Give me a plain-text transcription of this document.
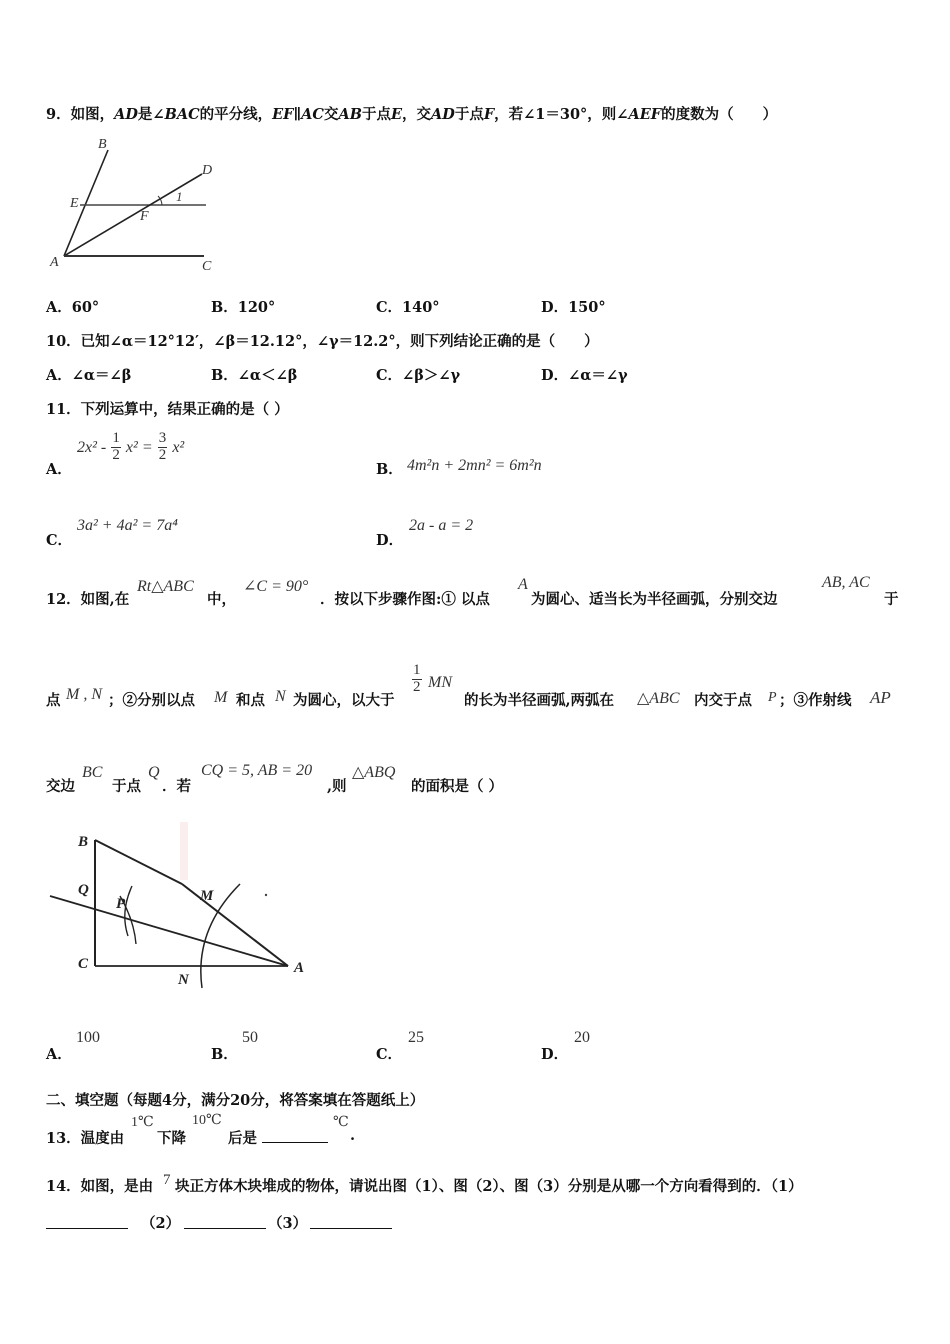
9．如图，AD是∠BAC的平分线，EF∥AC交AB于点E，交AD于点F，若∠1＝30°，则∠AEF的度数为（　　）
B
D
E
F
1
A	C
A．60°	B．120°	C．140°	D．150°
10．已知∠α＝12°12′，∠β＝12.12°，∠γ＝12.2°，则下列结论正确的是（　　）
A．∠α＝∠β	B．∠α＜∠β	C．∠β＞∠γ	D．∠α＝∠γ
11．下列运算中，结果正确的是（ ）
A．
$2x^2 - \frac{1}{2} x^2 = \frac{3}{2} x^2$
B． 4m²n + 2mn² = 6m²n
C．
3a² + 4a² = 7a⁴
D．
2a - a = 2
12．如图,在
Rt△ABC
中，
∠C = 90°
．按以下步骤作图:① 以点
A
为圆心、适当长为半径画弧，分别交边
AB, AC
于
点 M , N ；②分别以点 M 和点 N 为圆心，以大于
$\frac{1}{2}$ MN
的长为半径画弧,两弧在 △ABC 内交于点 P ；③作射线 AP
交边
BC
于点
Q
．若
CQ = 5, AB = 20
,则
△ABQ
的面积是（ ）
B
Q
P	M
C
N
A
A．
100
B．
50
C．
25
D．
20
二、填空题（每题4分，满分20分，将答案填在答题纸上）
13．温度由
1℃
下降
10℃
后是
℃
.
14．如图，是由 7 块正方体木块堆成的物体，请说出图（1）、图（2）、图（3）分别是从哪一个方向看得到的．（1）
（2）	（3）
